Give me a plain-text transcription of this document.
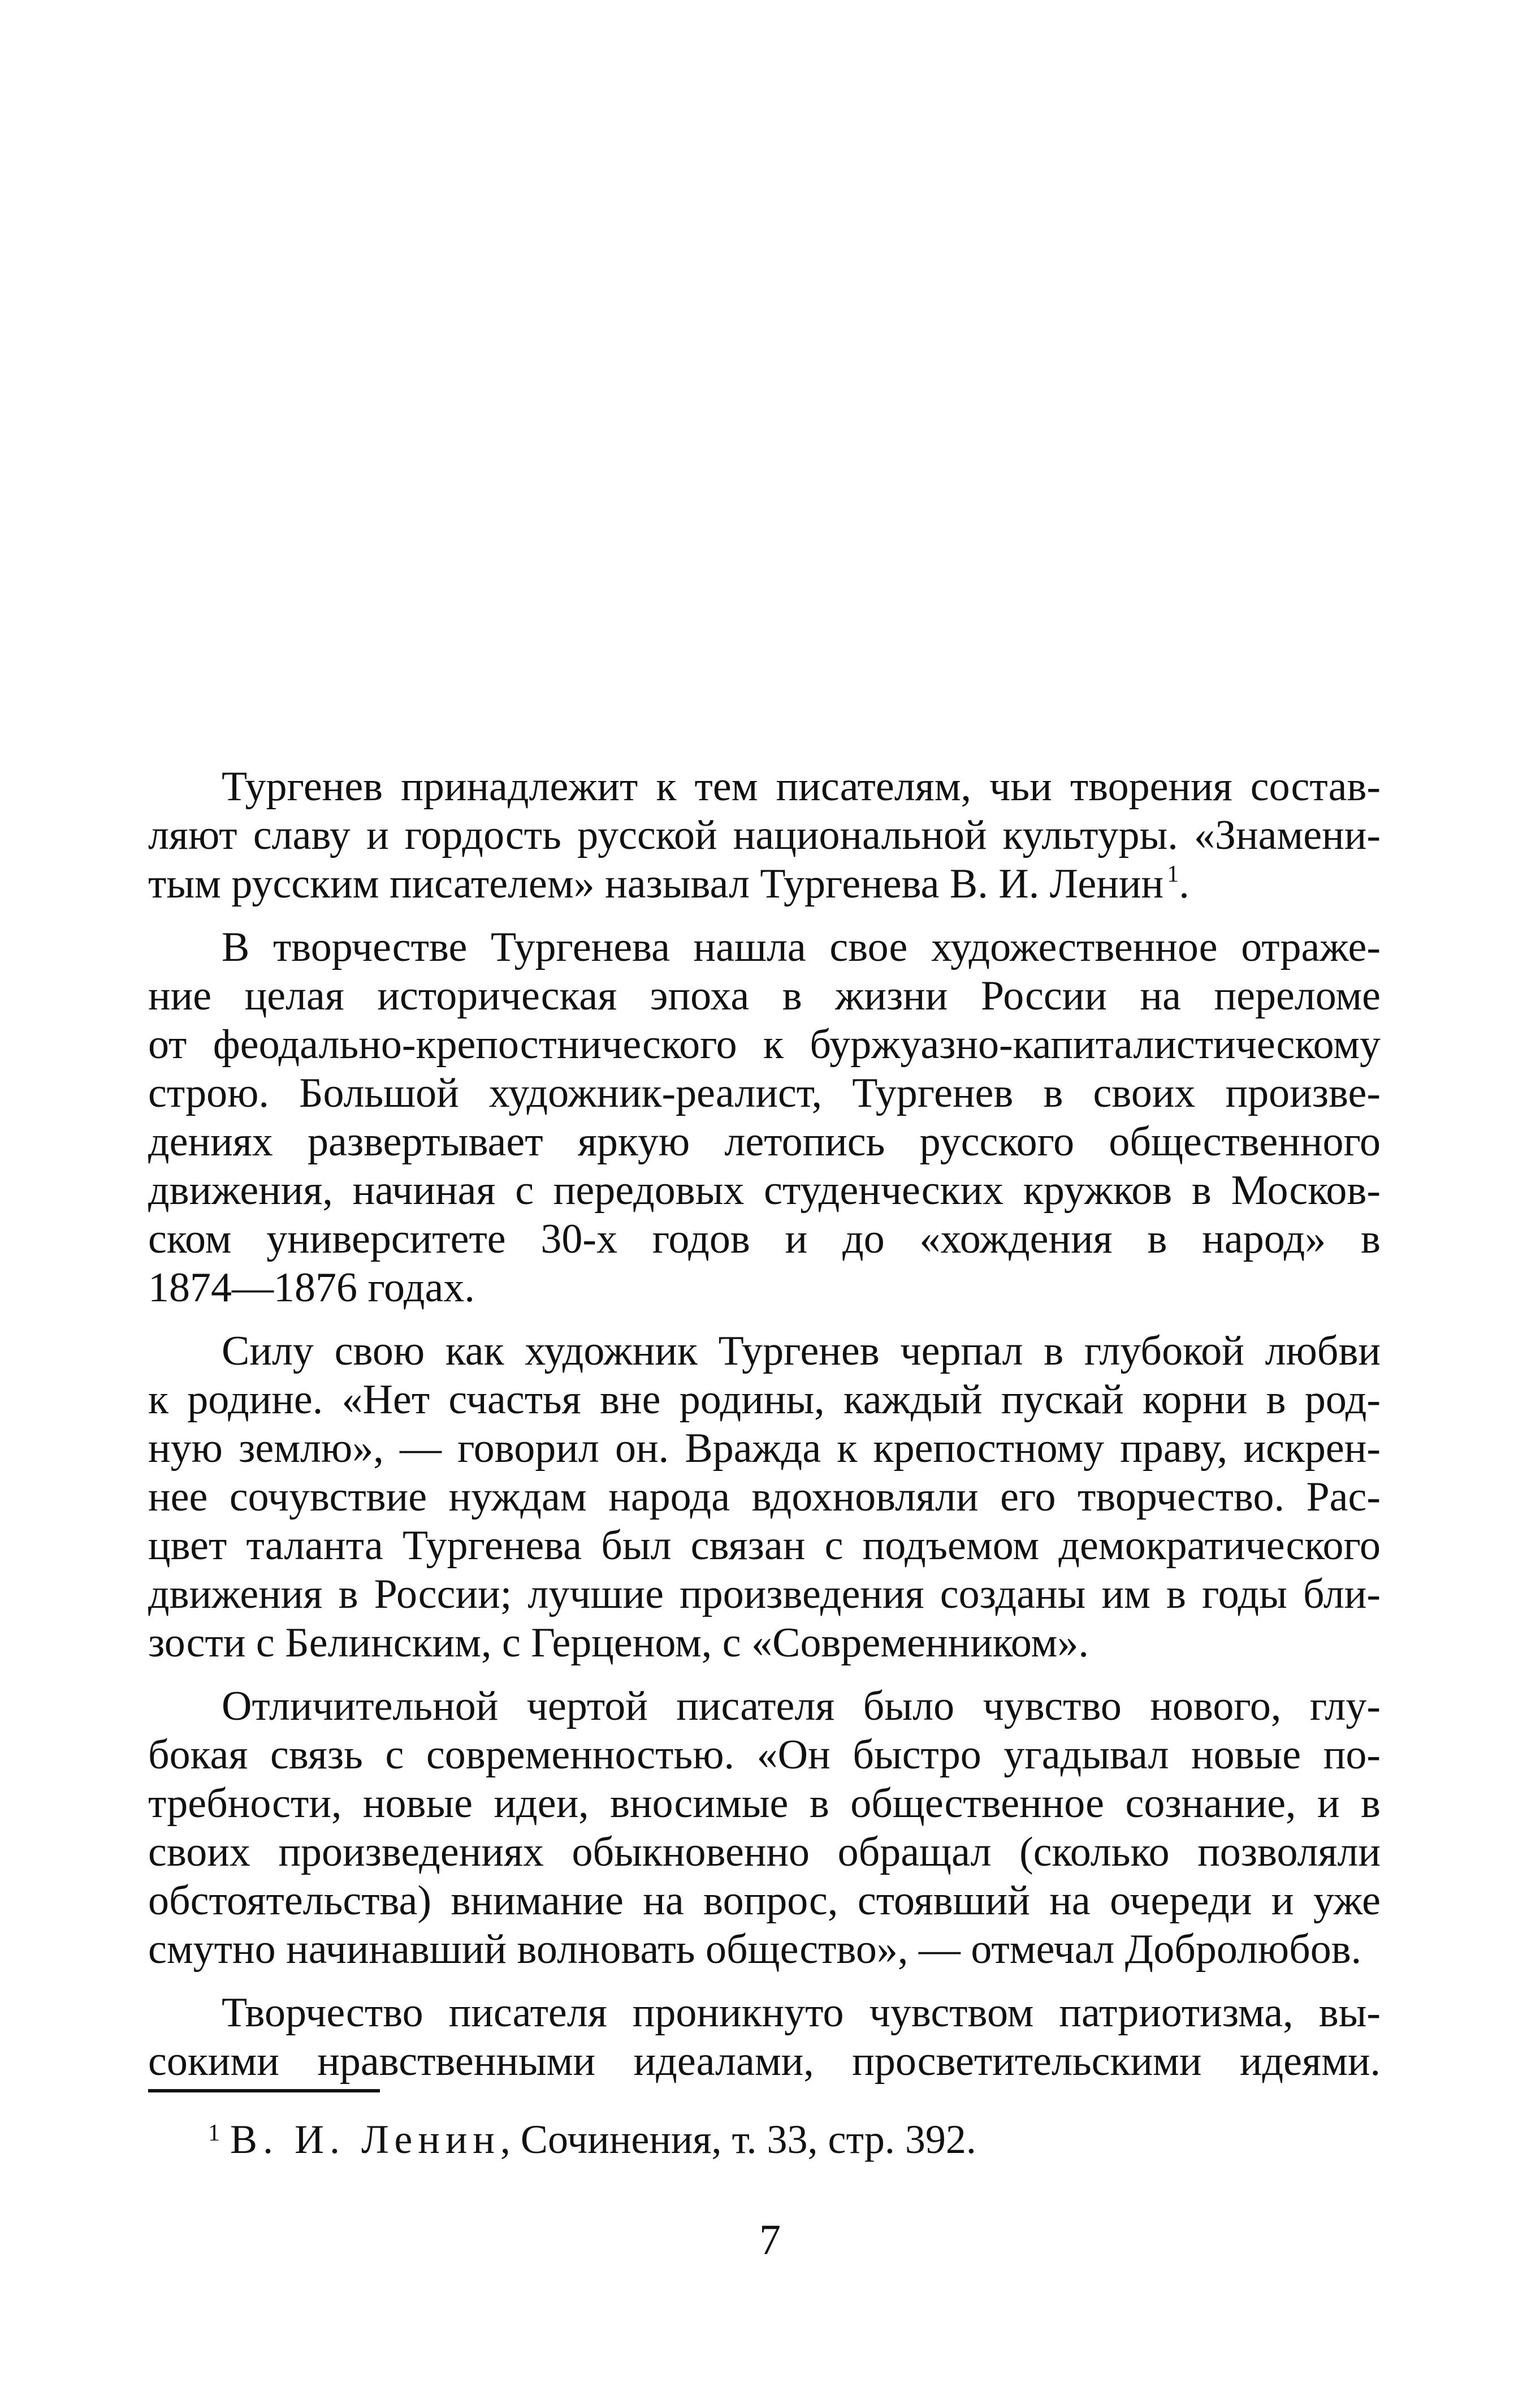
Тургенев принадлежит к тем писателям, чьи творения состав-
ляют славу и гордость русской национальной культуры. «Знамени-
тым русским писателем» называл Тургенева В. И. Ленин  $^1$.
В творчестве Тургенева нашла свое художественное отраже-
ние целая историческая эпоха в жизни России на переломе
от феодально-крепостнического к буржуазно-капиталистическому
строю. Большой художник-реалист, Тургенев в своих произве-
дениях развертывает яркую летопись русского общественного
движения, начиная с передовых студенческих кружков в Москов-
ском университете 30-х годов и до «хождения в народ» в
1874—1876 годах.
Силу свою как художник Тургенев черпал в глубокой любви
к родине. «Нет счастья вне родины, каждый пускай корни в род-
ную землю», — говорил он. Вражда к крепостному праву, искрен-
нее сочувствие нуждам народа вдохновляли его творчество. Рас-
цвет таланта Тургенева был связан с подъемом демократического
движения в России; лучшие произведения созданы им в годы бли-
зости с Белинским, с Герценом, с «Современником».
Отличительной чертой писателя было чувство нового, глу-
бокая связь с современностью. «Он быстро угадывал новые по-
требности, новые идеи, вносимые в общественное сознание, и в
своих произведениях обыкновенно обращал (сколько позволяли
обстоятельства) внимание на вопрос, стоявший на очереди и уже
смутно начинавший волновать общество», — отмечал Добролюбов.
Творчество писателя проникнуто чувством патриотизма, вы-
сокими нравственными идеалами, просветительскими идеями.
$^1$ В. И. Ленин, Сочинения, т. 33, стр. 392.
7
